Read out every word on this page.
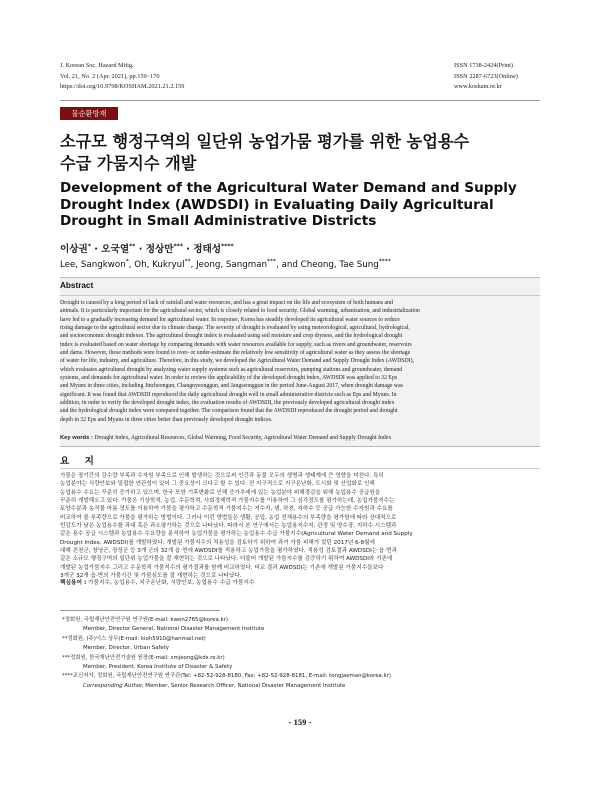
J. Korean Soc. Hazard Mitig.
Vol. 21, No. 2 (Apr. 2021), pp.159~170
https://doi.org/10.9798/KOSHAM.2021.21.2.159
ISSN 1738-2424(Print)
ISSN 2287-6723(Online)
www.kosham.or.kr
물순환방재
소규모 행정구역의 일단위 농업가뭄 평가를 위한 농업용수
수급 가뭄지수 개발
Development of the Agricultural Water Demand and Supply
Drought Index (AWDSDI) in Evaluating Daily Agricultural
Drought in Small Administrative Districts
이상권* · 오국열** · 정상만*** · 정태성****
Lee, Sangkwon*, Oh, Kukryul**, Jeong, Sangman***, and Cheong, Tae Sung****
Abstract
Drought is caused by a long period of lack of rainfall and water resources, and has a great impact on the life and ecosystem of both humans and
animals. It is particularly important for the agricultural sector, which is closely related to food security. Global warming, urbanization, and industrialization
have led to a gradually increasing demand for agricultural water. In response, Korea has steadily developed its agricultural water sources to reduce
rising damage to the agricultural sector due to climate change. The severity of drought is evaluated by using meteorological, agricultural, hydrological,
and socioeconomic drought indexes. The agricultural drought index is evaluated using soil moisture and crop dryness, and the hydrological drought
index is evaluated based on water shortage by comparing demands with water resources available for supply, such as rivers and groundwater, reservoirs
and dams. However, these methods were found to over- or under-estimate the relatively low sensitivity of agricultural water as they assess the shortage
of water for life, industry, and agriculture. Therefore, in this study, we developed the Agricultural Water Demand and Supply Drought Index (AWDSDI),
which evaluates agricultural drought by analyzing water supply systems such as agricultural reservoirs, pumping stations and groundwater, demand
systems, and demands for agricultural water. In order to review the applicability of the developed drought index, AWDSDI was applied to 32 Eps
and Myuns in three cities, including Jincheongun, Changnyeonggun, and Jangseonggun in the period June-August 2017, when drought damage was
significant. It was found that AWDSDI reproduced the daily agricultural drought well in small administrative districts such as Eps and Myuns. In
addition, in order to verify the developed drought index, the evaluation results of AWDSDI, the previously developed agricultural drought index
and the hydrological drought index were compared together. The comparison found that the AWDSDI reproduced the drought period and drought
depth in 32 Eps and Myuns in three cities better than previously developed drought indices.
Key words : Drought Index, Agricultural Resources, Global Warming, Food Security, Agricultural Water Demand and Supply Drought Index
요 지
가뭄은 장기간의 강수량 부족과 수자원 부족으로 인해 발생하는 것으로써 인간과 동물 모두의 생명과 생태계에 큰 영향을 미친다. 특히
농업분야는 식량안보와 밀접한 연관성이 있어 그 중요성이 크다고 할 수 있다. 전 지구적으로 지구온난화, 도시화 및 산업화로 인해
농업용수 수요는 꾸준히 증가하고 있으며, 한국 또한 기후변화로 인해 증가추세에 있는 농업분야 피해경감을 위해 농업용수 공급원을
꾸준히 개발해오고 있다. 가뭄은 기상학적, 농업, 수문학적, 사회경제학적 가뭄지수를 이용하여 그 심각정도를 평가하는데, 농업가뭄지수는
토양수분과 농작물 마름 정도를 이용하여 가뭄을 평가하고 수문학적 가뭄지수는 저수지, 댐, 하천, 지하수 등 공급 가능한 수자원과 수요를
비교하여 물 부족량으로 가뭄을 평가하는 방법이다. 그러나 이런 방법들은 생활, 공업, 농업 전체용수의 부족량을 평가함에 따라 상대적으로
민감도가 낮은 농업용수를 과대 혹은 과소평가하는 것으로 나타났다. 따라서 본 연구에서는 농업용저수지, 관정 및 양수장, 지하수 시스템과
같은 용수 공급 시스템과 농업용수 수요량을 분석하여 농업가뭄을 평가하는 농업용수 수급 가뭄지수(Agricultural Water Demand and Supply
Drought Index, AWDSDI)를 개발하였다. 개발된 가뭄지수의 적용성을 검토하기 위하여 과거 가뭄 피해가 컸던 2017년 6-8월에
대해 진천군, 창녕군, 장성군 등 3개 군의 32개 읍·면에 AWDSDI를 적용하고 농업가뭄을 평가하였다. 적용성 검토결과 AWDSDI는 읍·면과
같은 소규모 행정구역의 일단위 농업가뭄을 잘 재현하는 것으로 나타났다. 더불어 개발된 가뭄지수를 검증하기 위하여 AWDSDI와 기존에
개발된 농업가뭄지수 그리고 수문학적 가뭄지수의 평가결과를 함께 비교하였다. 비교 결과 AWDSDI는 기존에 개발된 가뭄지수들보다
3개군 32개 읍·면의 가뭄기간 및 가뭄심도를 잘 재현하는 것으로 나타났다.
핵심용어 : 가뭄지수, 농업용수, 지구온난화, 식량안보, 농업용수 수급 가뭄지수
*정회원, 국립재난안전연구원 연구원(E-mail: kwon2765@korea.kr)
Member, Director General, National Disaster Management Institute
**정회원, (주)이스 상무(E-mail: kioh5910@hanmail.net)
Member, Director, Urban Safety
***정회원, 한국재난안전기술원 원장(E-mail: smjeong@kds.re.kr)
Member, President, Korea Institute of Disaster & Safety
****교신저자, 정회원, 국립재난안전연구원 연구관(Tel: +82-52-928-8180, Fax: +82-52-928-8181, E-mail: tongjaeman@korea.kr)
Corresponding Author, Member, Senior Research Officer, National Disaster Management Institute
- 159 -
